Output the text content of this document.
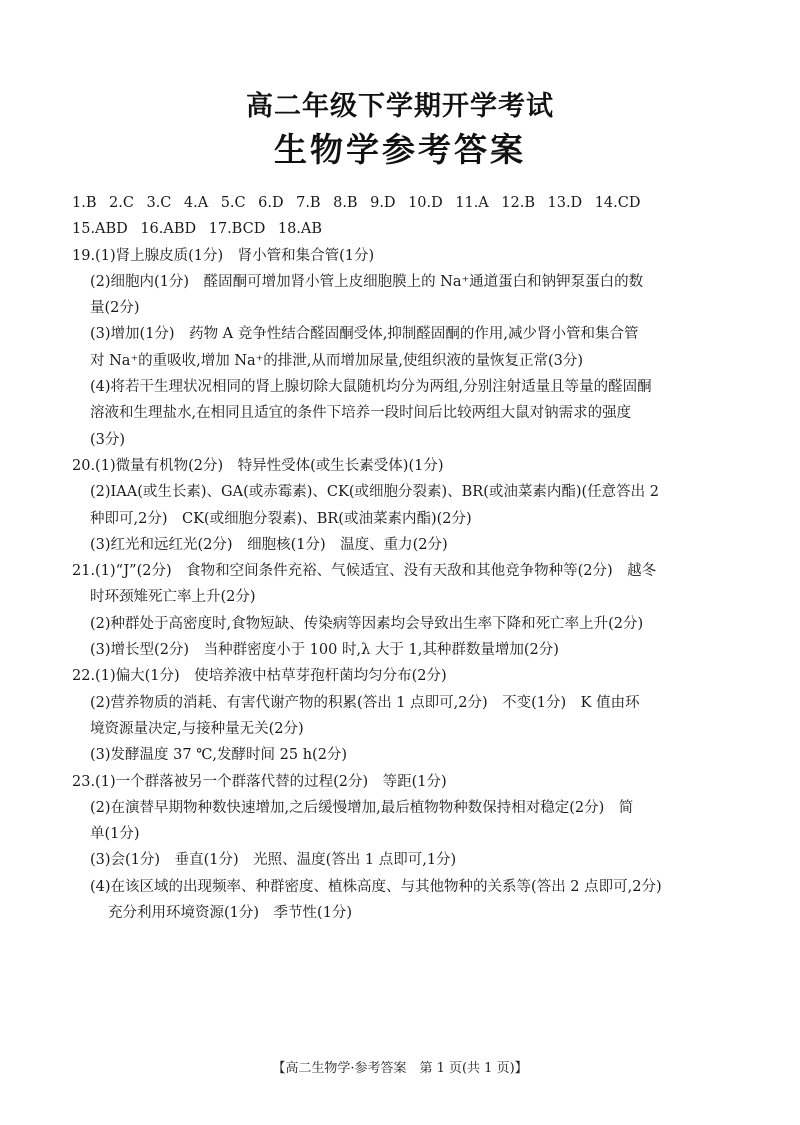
高二年级下学期开学考试
生物学参考答案
1.B 2.C 3.C 4.A 5.C 6.D 7.B 8.B 9.D 10.D 11.A 12.B 13.D 14.CD
15.ABD 16.ABD 17.BCD 18.AB
19.(1)肾上腺皮质(1分)　肾小管和集合管(1分)
(2)细胞内(1分)　醛固酮可增加肾小管上皮细胞膜上的 Na⁺通道蛋白和钠钾泵蛋白的数
量(2分)
(3)增加(1分)　药物 A 竞争性结合醛固酮受体,抑制醛固酮的作用,减少肾小管和集合管
对 Na⁺的重吸收,增加 Na⁺的排泄,从而增加尿量,使组织液的量恢复正常(3分)
(4)将若干生理状况相同的肾上腺切除大鼠随机均分为两组,分别注射适量且等量的醛固酮
溶液和生理盐水,在相同且适宜的条件下培养一段时间后比较两组大鼠对钠需求的强度
(3分)
20.(1)微量有机物(2分)　特异性受体(或生长素受体)(1分)
(2)IAA(或生长素)、GA(或赤霉素)、CK(或细胞分裂素)、BR(或油菜素内酯)(任意答出 2
种即可,2分)　CK(或细胞分裂素)、BR(或油菜素内酯)(2分)
(3)红光和远红光(2分)　细胞核(1分)　温度、重力(2分)
21.(1)“J”(2分)　食物和空间条件充裕、气候适宜、没有天敌和其他竞争物种等(2分)　越冬
时环颈雉死亡率上升(2分)
(2)种群处于高密度时,食物短缺、传染病等因素均会导致出生率下降和死亡率上升(2分)
(3)增长型(2分)　当种群密度小于 100 时,λ 大于 1,其种群数量增加(2分)
22.(1)偏大(1分)　使培养液中枯草芽孢杆菌均匀分布(2分)
(2)营养物质的消耗、有害代谢产物的积累(答出 1 点即可,2分)　不变(1分)　K 值由环
境资源量决定,与接种量无关(2分)
(3)发酵温度 37 ℃,发酵时间 25 h(2分)
23.(1)一个群落被另一个群落代替的过程(2分)　等距(1分)
(2)在演替早期物种数快速增加,之后缓慢增加,最后植物物种数保持相对稳定(2分)　简
单(1分)
(3)会(1分)　垂直(1分)　光照、温度(答出 1 点即可,1分)
(4)在该区域的出现频率、种群密度、植株高度、与其他物种的关系等(答出 2 点即可,2分)
充分利用环境资源(1分)　季节性(1分)
【高二生物学·参考答案　第 1 页(共 1 页)】
